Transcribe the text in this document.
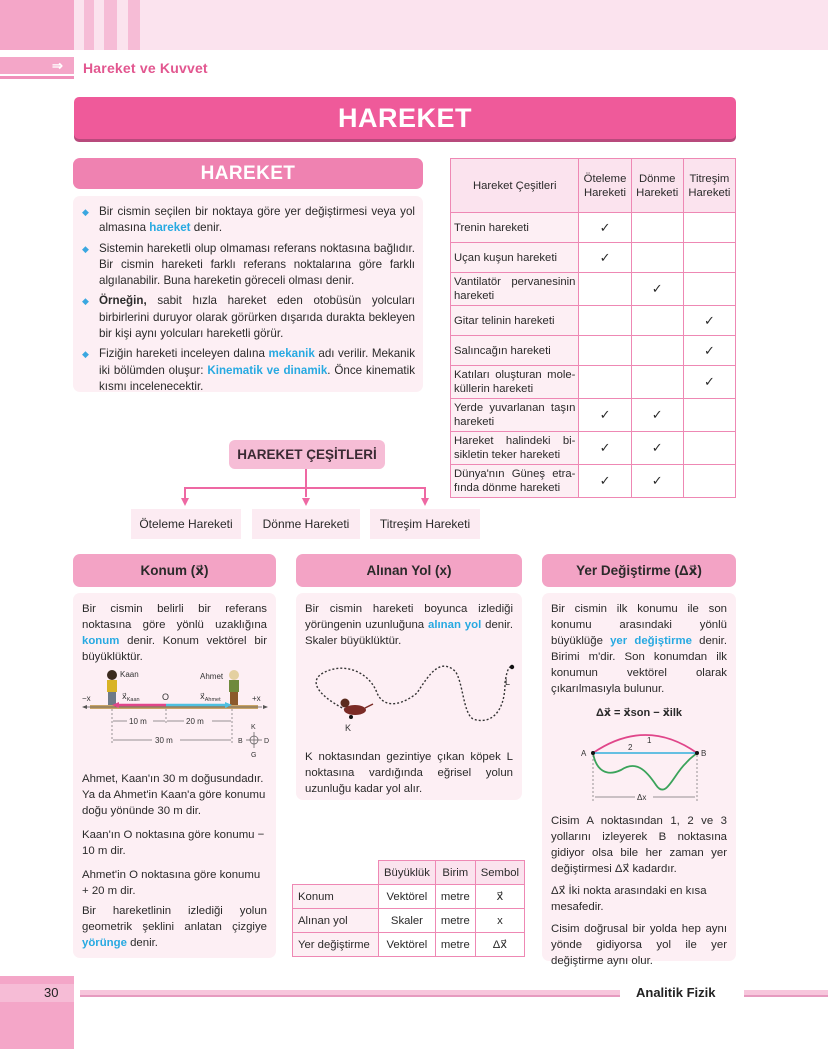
⇒ Hareket ve Kuvvet
HAREKET
HAREKET

◆ Bir cismin seçilen bir noktaya göre yer değiştirmesi veya yol almasına hareket denir.

◆ Sistemin hareketli olup olmaması referans noktasına bağlıdır. Bir cismin hareketi farklı referans noktalarına göre farklı algılanabilir. Buna hareketin göreceli olması denir.

◆ Örneğin, sabit hızla hareket eden otobüsün yolcuları birbirlerini duruyor olarak görürken dışarıda durakta bekleyen bir kişi aynı yolcuları hareketli görür.

◆ Fiziğin hareketi inceleyen dalına mekanik adı verilir. Mekanik iki bölümden oluşur: Kinematik ve dinamik. Önce kinematik kısmı incelenecektir.

Hareket Çeşitleri	Öteleme Hareketi	Dönme Hareketi	Titreşim Hareketi
Trenin hareketi	✓		
Uçan kuşun hareketi	✓		
Vantilatör pervanesinin hareketi		✓	
Gitar telinin hareketi			✓
Salıncağın hareketi			✓
Katıları oluşturan mole-küllerin hareketi			✓
Yerde yuvarlanan taşın hareketi	✓	✓	
Hareket halindeki bi-sikletin teker hareketi	✓	✓	
Dünya'nın Güneş etra-fında dönme hareketi	✓	✓	
HAREKET ÇEŞİTLERİ
Öteleme Hareketi	Dönme Hareketi	Titreşim Hareketi
Konum (x⃗)

Bir cismin belirli bir referans noktasına göre yönlü uzaklığına konum denir. Konum vektörel bir büyüklüktür.

−x	+x
Kaan	Ahmet
$x⃗_{Kaan}$	$x⃗_{Ahmet}$
O
10 m	20 m
30 m
K
G
B	D

Ahmet, Kaan'ın 30 m doğusundadır. Ya da Ahmet'in Kaan'a göre konumu doğu yönünde 30 m dir.

Kaan'ın O noktasına göre konumu − 10 m dir.

Ahmet'in O noktasına göre konumu + 20 m dir.

Bir hareketlinin izlediği yolun geometrik şeklini anlatan çizgiye yörünge denir.

Alınan Yol (x)

Bir cismin hareketi boyunca izlediği yörüngenin uzunluğuna alınan yol denir. Skaler büyüklüktür.

L
K

K noktasından gezintiye çıkan köpek L noktasına vardığında eğrisel yolun uzunluğu kadar yol alır.

	Büyüklük	Birim	Sembol
Konum	Vektörel	metre	x⃗
Alınan yol	Skaler	metre	x
Yer değiştirme	Vektörel	metre	Δx⃗
Yer Değiştirme (Δx⃗)

Bir cismin ilk konumu ile son konumu arasındaki yönlü büyüklüğe yer değiştirme denir. Birimi m'dir. Son konumdan ilk konumun vektörel olarak çıkarılmasıyla bulunur.

Δx⃗ = x⃗son − x⃗ilk

A	B
1
2
Δx

Cisim A noktasından 1, 2 ve 3 yollarını izleyerek B noktasına gidiyor olsa bile her zaman yer değiştirmesi Δx⃗ kadardır.

Δx⃗ İki nokta arasındaki en kısa mesafedir.

Cisim doğrusal bir yolda hep aynı yönde gidiyorsa yol ile yer değiştirme aynı olur.

30	Analitik Fizik
